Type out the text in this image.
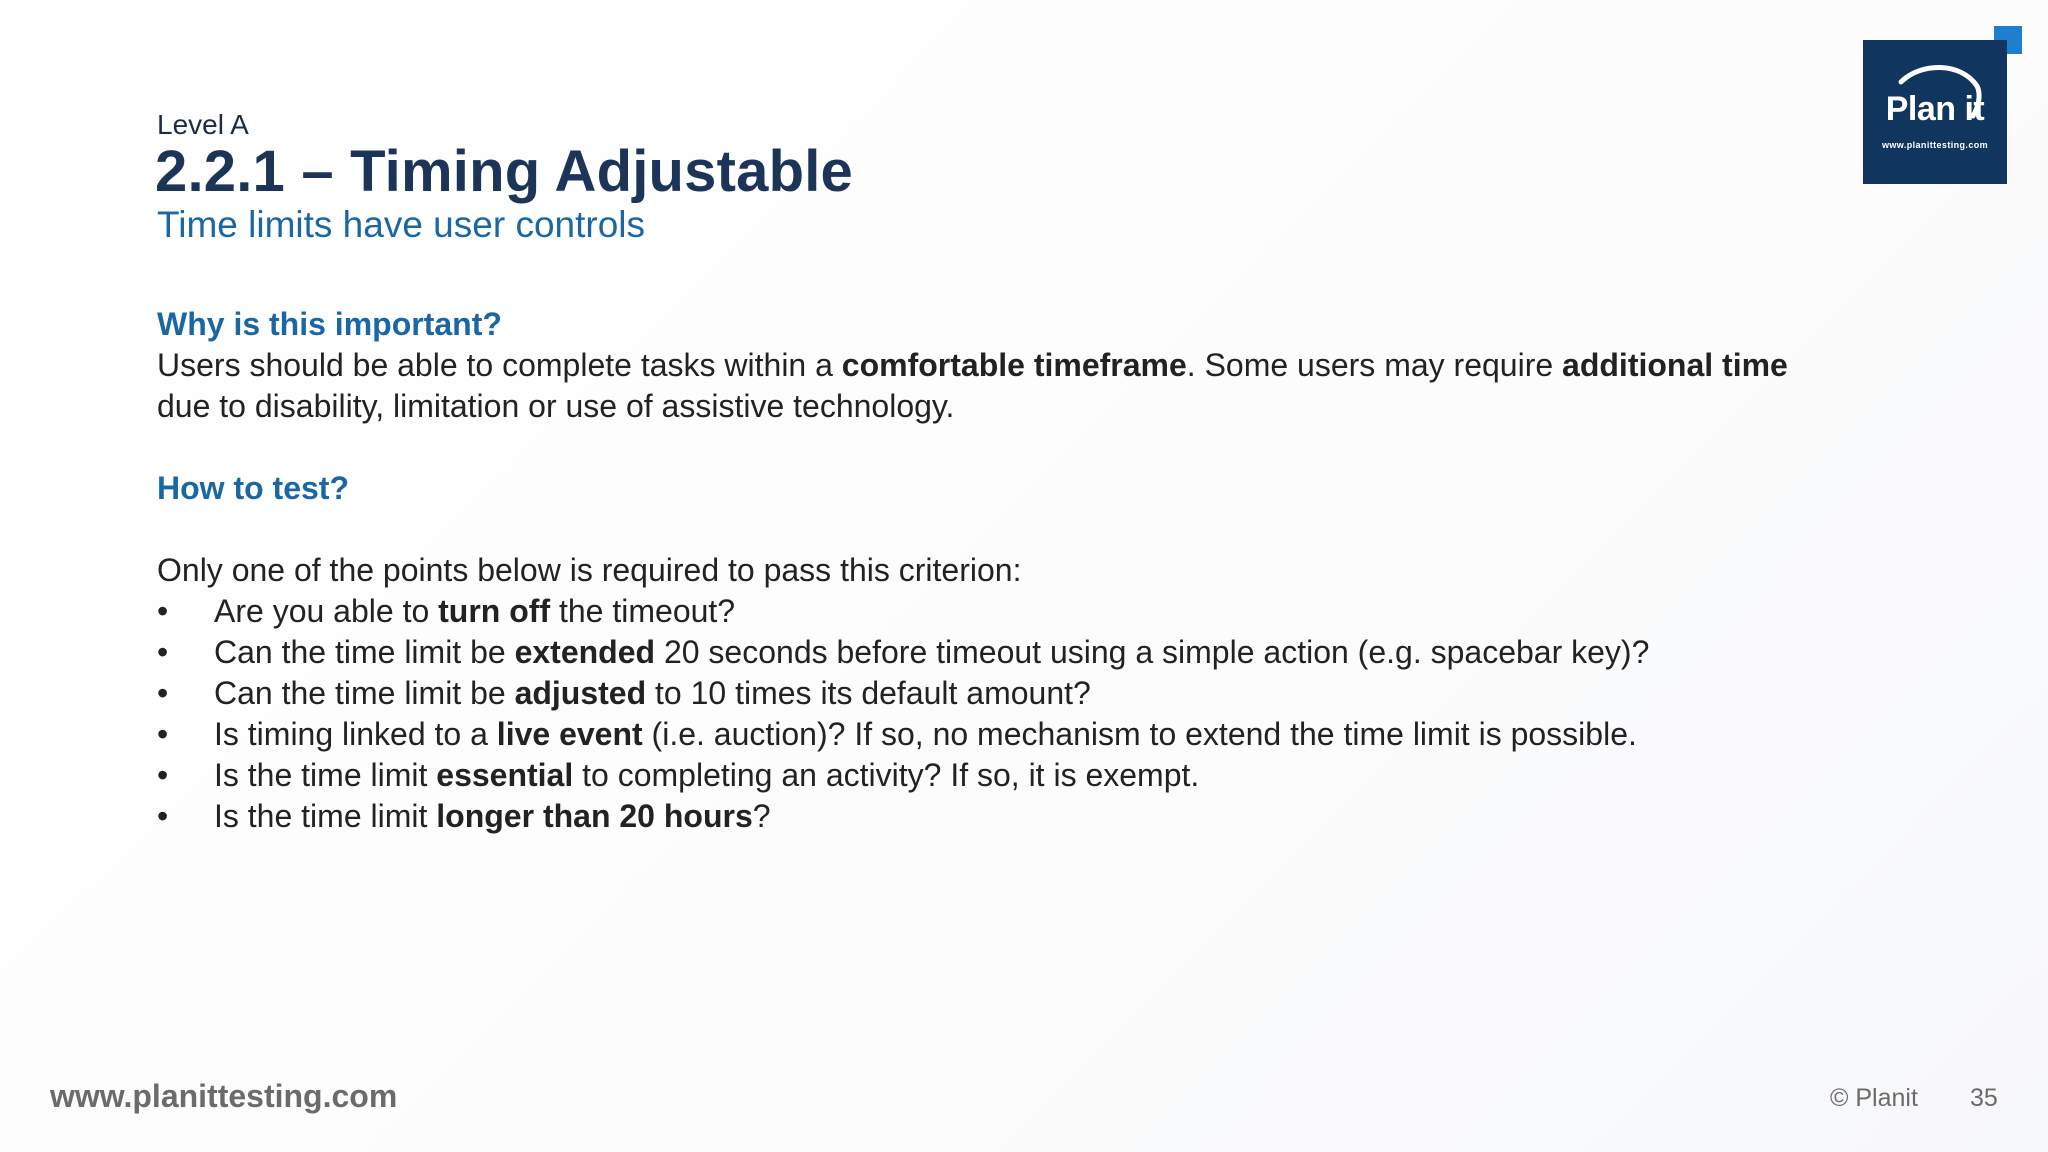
Level A
2.2.1 – Timing Adjustable
Time limits have user controls
Why is this important?
Users should be able to complete tasks within a comfortable timeframe. Some users may require additional time due to disability, limitation or use of assistive technology.
How to test?
Only one of the points below is required to pass this criterion:
• Are you able to turn off the timeout?
• Can the time limit be extended 20 seconds before timeout using a simple action (e.g. spacebar key)?
• Can the time limit be adjusted to 10 times its default amount?
• Is timing linked to a live event (i.e. auction)? If so, no mechanism to extend the time limit is possible.
• Is the time limit essential to completing an activity? If so, it is exempt.
• Is the time limit longer than 20 hours?
Plan it
www.planittesting.com
www.planittesting.com	© Planit 35
